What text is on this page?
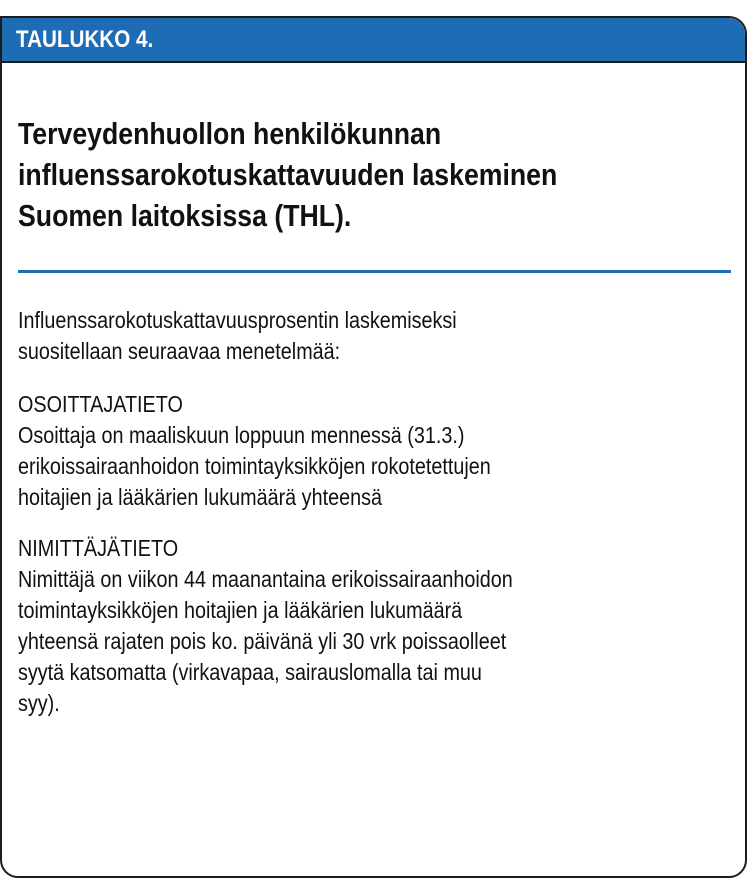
TAULUKKO 4.
Terveydenhuollon henkilökunnan
influenssarokotuskattavuuden laskeminen
Suomen laitoksissa (THL).
Influenssarokotuskattavuusprosentin laskemiseksi
suositellaan seuraavaa menetelmää:
OSOITTAJATIETO
Osoittaja on maaliskuun loppuun mennessä (31.3.)
erikoissairaanhoidon toimintayksikköjen rokotetettujen
hoitajien ja lääkärien lukumäärä yhteensä
NIMITTÄJÄTIETO
Nimittäjä on viikon 44 maanantaina erikoissairaanhoidon
toimintayksikköjen hoitajien ja lääkärien lukumäärä
yhteensä rajaten pois ko. päivänä yli 30 vrk poissaolleet
syytä katsomatta (virkavapaa, sairauslomalla tai muu
syy).
